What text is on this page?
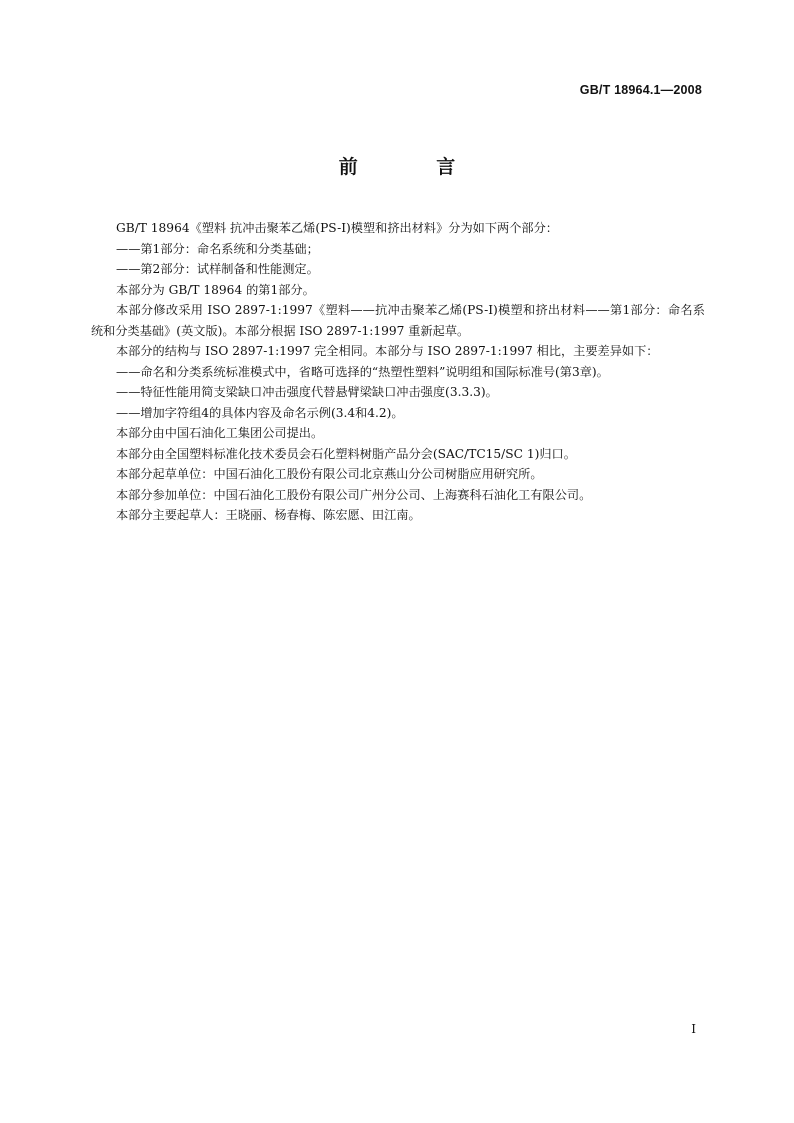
GB/T 18964.1—2008
前 言

GB/T 18964《塑料 抗冲击聚苯乙烯(PS-I)模塑和挤出材料》分为如下两个部分：

——第1部分：命名系统和分类基础；

——第2部分：试样制备和性能测定。

本部分为 GB/T 18964 的第1部分。

本部分修改采用 ISO 2897-1:1997《塑料——抗冲击聚苯乙烯(PS-I)模塑和挤出材料——第1部分：命名系统和分类基础》(英文版)。本部分根据 ISO 2897-1:1997 重新起草。

本部分的结构与 ISO 2897-1:1997 完全相同。本部分与 ISO 2897-1:1997 相比，主要差异如下：

——命名和分类系统标准模式中，省略可选择的“热塑性塑料”说明组和国际标准号(第3章)。

——特征性能用简支梁缺口冲击强度代替悬臂梁缺口冲击强度(3.3.3)。

——增加字符组4的具体内容及命名示例(3.4和4.2)。

本部分由中国石油化工集团公司提出。

本部分由全国塑料标准化技术委员会石化塑料树脂产品分会(SAC/TC15/SC 1)归口。

本部分起草单位：中国石油化工股份有限公司北京燕山分公司树脂应用研究所。

本部分参加单位：中国石油化工股份有限公司广州分公司、上海赛科石油化工有限公司。

本部分主要起草人：王晓丽、杨春梅、陈宏愿、田江南。

I
